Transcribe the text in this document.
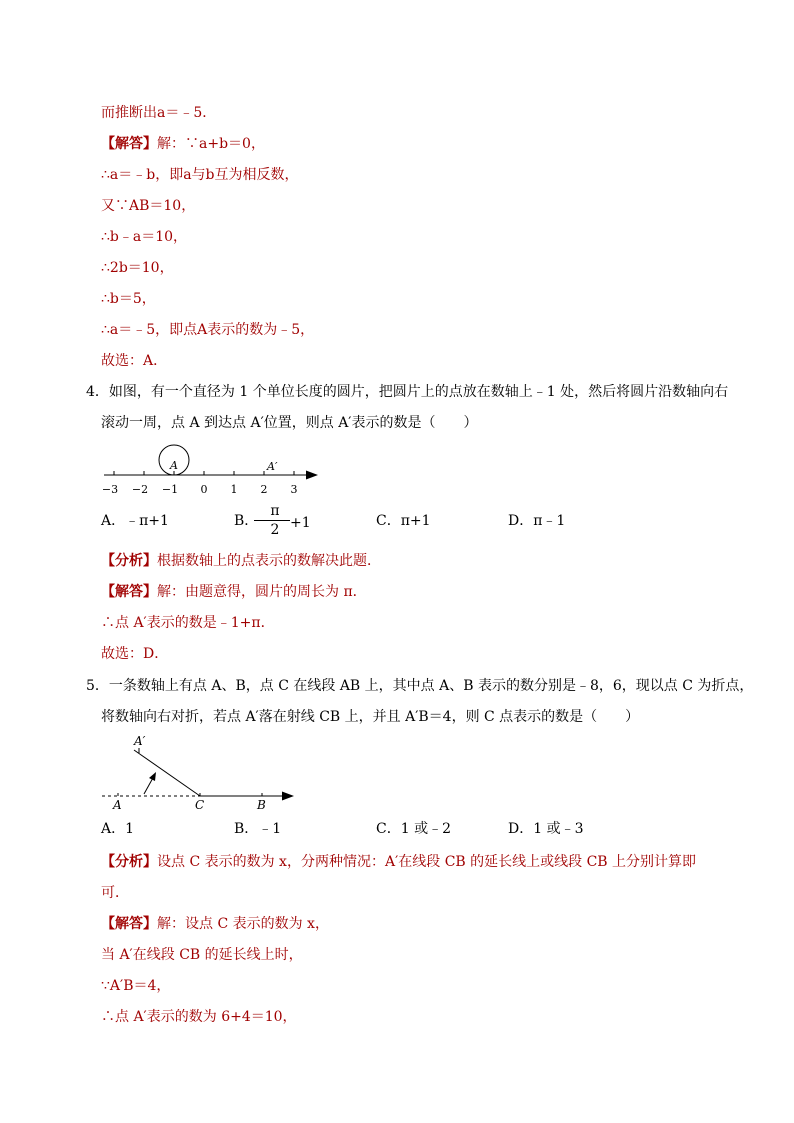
而推断出a＝﹣5．
【解答】解：∵a+b＝0，
∴a＝﹣b，即a与b互为相反数，
又∵AB＝10，
∴b﹣a＝10，
∴2b＝10，
∴b＝5，
∴a＝﹣5，即点A表示的数为﹣5，
故选：A．
4．如图，有一个直径为 1 个单位长度的圆片，把圆片上的点放在数轴上﹣1 处，然后将圆片沿数轴向右
滚动一周，点 A 到达点 A′位置，则点 A′表示的数是（　　）
A	A′
−3 −2 −1 0 1 2 3
A．﹣π+1	B．
π
2 +1	C．π+1	D．π﹣1
【分析】根据数轴上的点表示的数解决此题．
【解答】解：由题意得，圆片的周长为 π．
∴点 A′表示的数是﹣1+π．
故选：D．
5．一条数轴上有点 A、B，点 C 在线段 AB 上，其中点 A、B 表示的数分别是﹣8，6，现以点 C 为折点，
将数轴向右对折，若点 A′落在射线 CB 上，并且 A′B＝4，则 C 点表示的数是（　　）
A′
A	C	B
A．1	B．﹣1	C．1 或﹣2	D．1 或﹣3
【分析】设点 C 表示的数为 x，分两种情况：A′在线段 CB 的延长线上或线段 CB 上分别计算即
可．
【解答】解：设点 C 表示的数为 x，
当 A′在线段 CB 的延长线上时，
∵A′B＝4，
∴点 A′表示的数为 6+4＝10，
